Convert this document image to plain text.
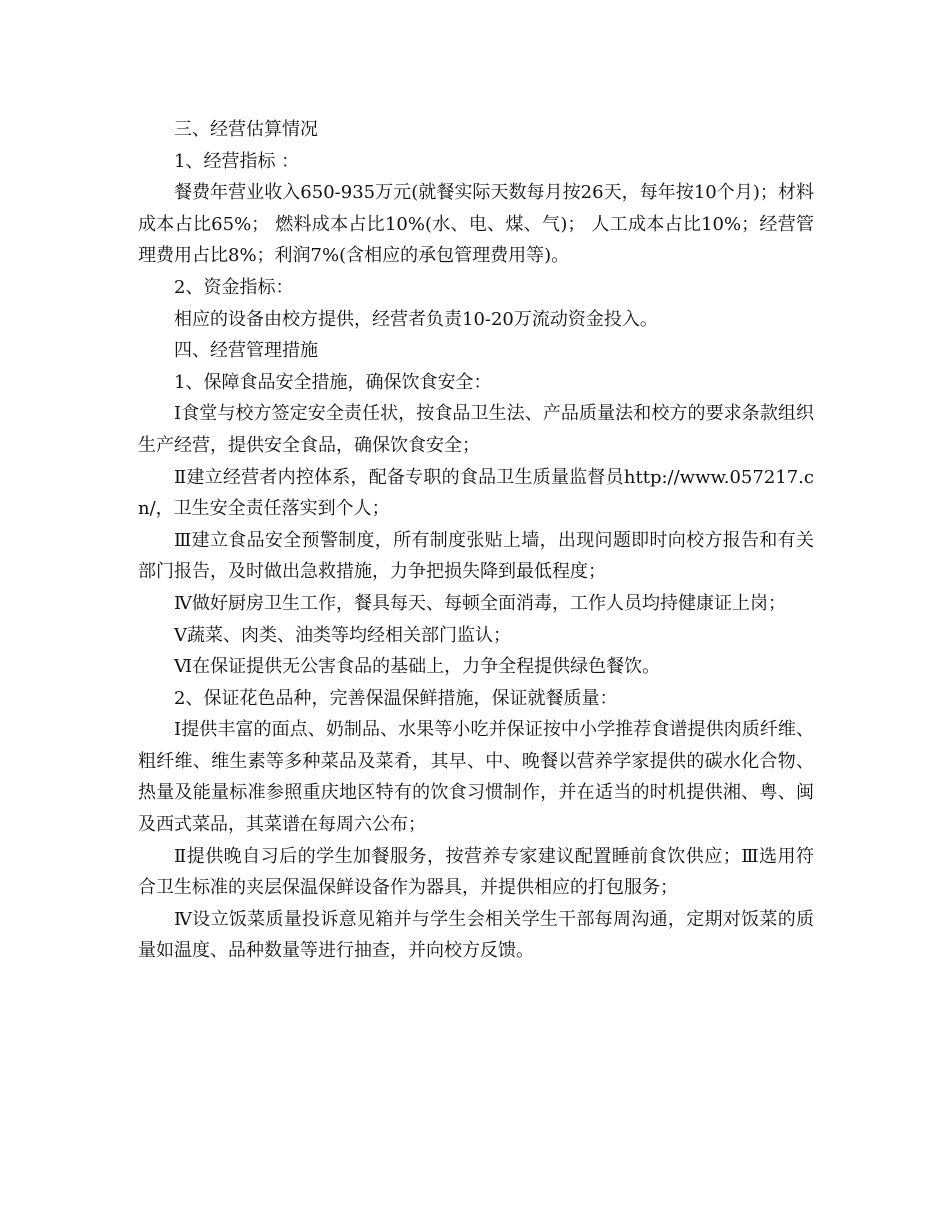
三、经营估算情况

1、经营指标 ：

餐费年营业收入650-935万元(就餐实际天数每月按26天，每年按10个月)；材料成本占比65%； 燃料成本占比10%(水、电、煤、气)； 人工成本占比10%；经营管理费用占比8%；利润7%(含相应的承包管理费用等)。

2、资金指标：

相应的设备由校方提供，经营者负责10-20万流动资金投入。

四、经营管理措施

1、保障食品安全措施，确保饮食安全：

Ⅰ食堂与校方签定安全责任状，按食品卫生法、产品质量法和校方的要求条款组织生产经营，提供安全食品，确保饮食安全；

Ⅱ建立经营者内控体系，配备专职的食品卫生质量监督员http://www.057217.cn/，卫生安全责任落实到个人；

Ⅲ建立食品安全预警制度，所有制度张贴上墙，出现问题即时向校方报告和有关部门报告，及时做出急救措施，力争把损失降到最低程度；

Ⅳ做好厨房卫生工作，餐具每天、每顿全面消毒，工作人员均持健康证上岗；

Ⅴ蔬菜、肉类、油类等均经相关部门监认；

Ⅵ在保证提供无公害食品的基础上，力争全程提供绿色餐饮。

2、保证花色品种，完善保温保鲜措施，保证就餐质量：

Ⅰ提供丰富的面点、奶制品、水果等小吃并保证按中小学推荐食谱提供肉质纤维、粗纤维、维生素等多种菜品及菜肴，其早、中、晚餐以营养学家提供的碳水化合物、热量及能量标准参照重庆地区特有的饮食习惯制作，并在适当的时机提供湘、粤、闽及西式菜品，其菜谱在每周六公布；

Ⅱ提供晚自习后的学生加餐服务，按营养专家建议配置睡前食饮供应；Ⅲ选用符合卫生标准的夹层保温保鲜设备作为器具，并提供相应的打包服务；

Ⅳ设立饭菜质量投诉意见箱并与学生会相关学生干部每周沟通，定期对饭菜的质量如温度、品种数量等进行抽查，并向校方反馈。
